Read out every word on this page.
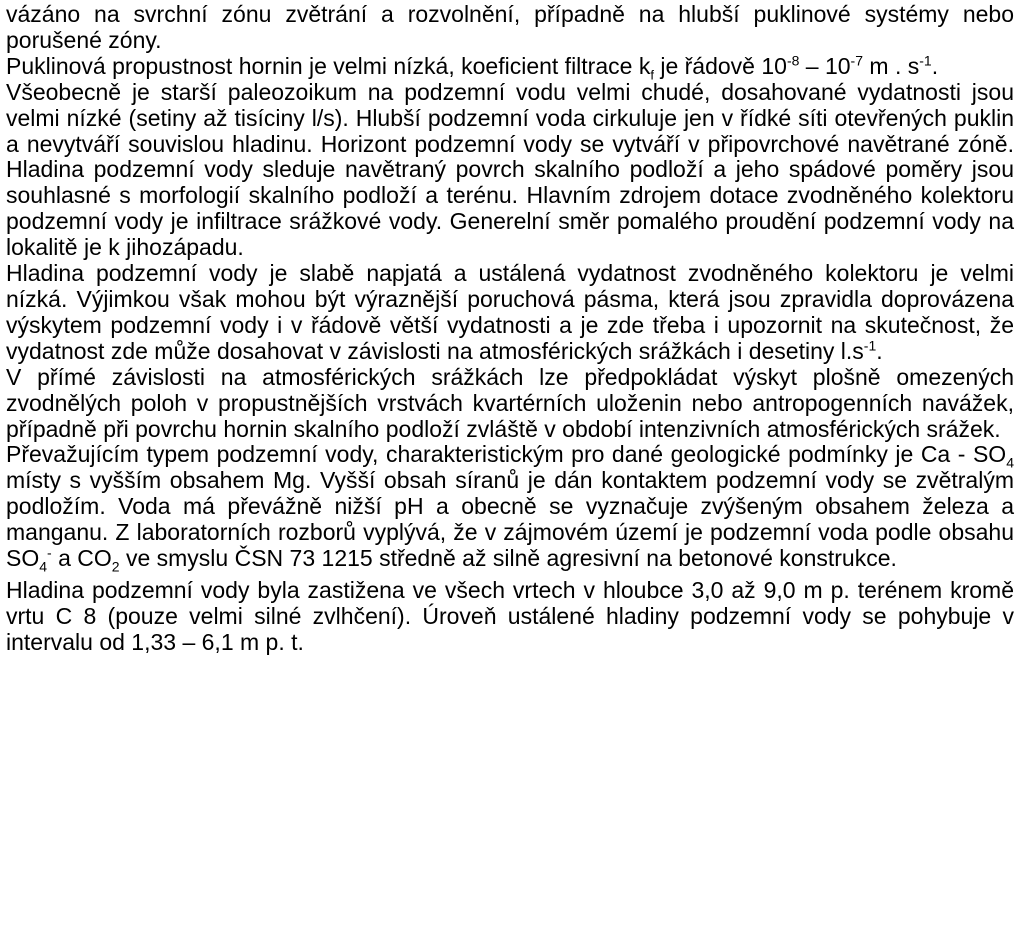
vázáno na svrchní zónu zvětrání a rozvolnění, případně na hlubší puklinové systémy nebo porušené zóny.

Puklinová propustnost hornin je velmi nízká, koeficient filtrace $k_f$ je řádově $10^{-8} - 10^{-7}$ m . $s^{-1}$.

Všeobecně je starší paleozoikum na podzemní vodu velmi chudé, dosahované vydatnosti jsou velmi nízké (setiny až tisíciny l/s). Hlubší podzemní voda cirkuluje jen v řídké síti otevřených puklin a nevytváří souvislou hladinu. Horizont podzemní vody se vytváří v připovrchové navětrané zóně. Hladina podzemní vody sleduje navětraný povrch skalního podloží a jeho spádové poměry jsou souhlasné s morfologií skalního podloží a terénu. Hlavním zdrojem dotace zvodněného kolektoru podzemní vody je infiltrace srážkové vody. Generelní směr pomalého proudění podzemní vody na lokalitě je k jihozápadu.

Hladina podzemní vody je slabě napjatá a ustálená vydatnost zvodněného kolektoru je velmi nízká. Výjimkou však mohou být výraznější poruchová pásma, která jsou zpravidla doprovázena výskytem podzemní vody i v řádově větší vydatnosti a je zde třeba i upozornit na skutečnost, že vydatnost zde může dosahovat v závislosti na atmosférických srážkách i desetiny $l.s^{-1}$.

V přímé závislosti na atmosférických srážkách lze předpokládat výskyt plošně omezených zvodnělých poloh v propustnějších vrstvách kvartérních uloženin nebo antropogenních navážek, případně při povrchu hornin skalního podloží zvláště v období intenzivních atmosférických srážek.

Převažujícím typem podzemní vody, charakteristickým pro dané geologické podmínky je Ca - $SO_4$ místy s vyšším obsahem Mg. Vyšší obsah síranů je dán kontaktem podzemní vody se zvětralým podložím. Voda má převážně nižší pH a obecně se vyznačuje zvýšeným obsahem železa a manganu. Z laboratorních rozborů vyplývá, že v zájmovém území je podzemní voda podle obsahu $SO_4^-$ a $CO_2$ ve smyslu ČSN 73 1215 středně až silně agresivní na betonové konstrukce.

Hladina podzemní vody byla zastižena ve všech vrtech v hloubce 3,0 až 9,0 m p. terénem kromě vrtu C 8 (pouze velmi silné zvlhčení). Úroveň ustálené hladiny podzemní vody se pohybuje v intervalu od 1,33 – 6,1 m p. t.
